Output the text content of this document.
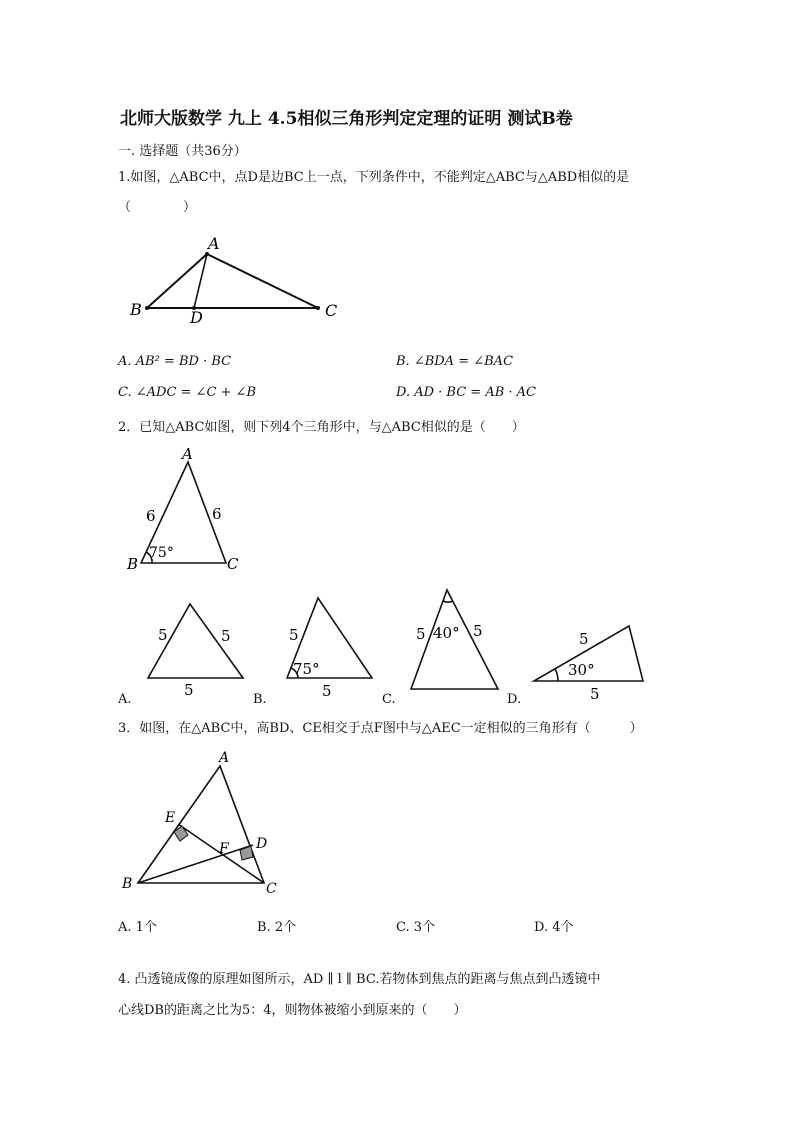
北师大版数学 九上 4.5相似三角形判定定理的证明 测试B卷
一. 选择题（共36分）
1.如图，△ABC中，点D是边BC上一点，下列条件中，不能判定△ABC与△ABD相似的是
（　　　　）
A
B	C
D
A. AB² = BD · BC	B. ∠BDA = ∠BAC
C. ∠ADC = ∠C + ∠B	D. AD · BC = AB · AC
2．已知△ABC如图，则下列4个三角形中，与△ABC相似的是（　　）
A
B	C
6	6
75°
5	5
5
5
75°
5
5 40° 5	5
30°
5
A.	B.	C.	D.
3．如图，在△ABC中，高BD、CE相交于点F图中与△AEC一定相似的三角形有（　　　）
A
E
F D
B	C
A. 1个	B. 2个	C. 3个	D. 4个
4. 凸透镜成像的原理如图所示，AD ∥ l ∥ BC.若物体到焦点的距离与焦点到凸透镜中
心线DB的距离之比为5：4，则物体被缩小到原来的（　　）
